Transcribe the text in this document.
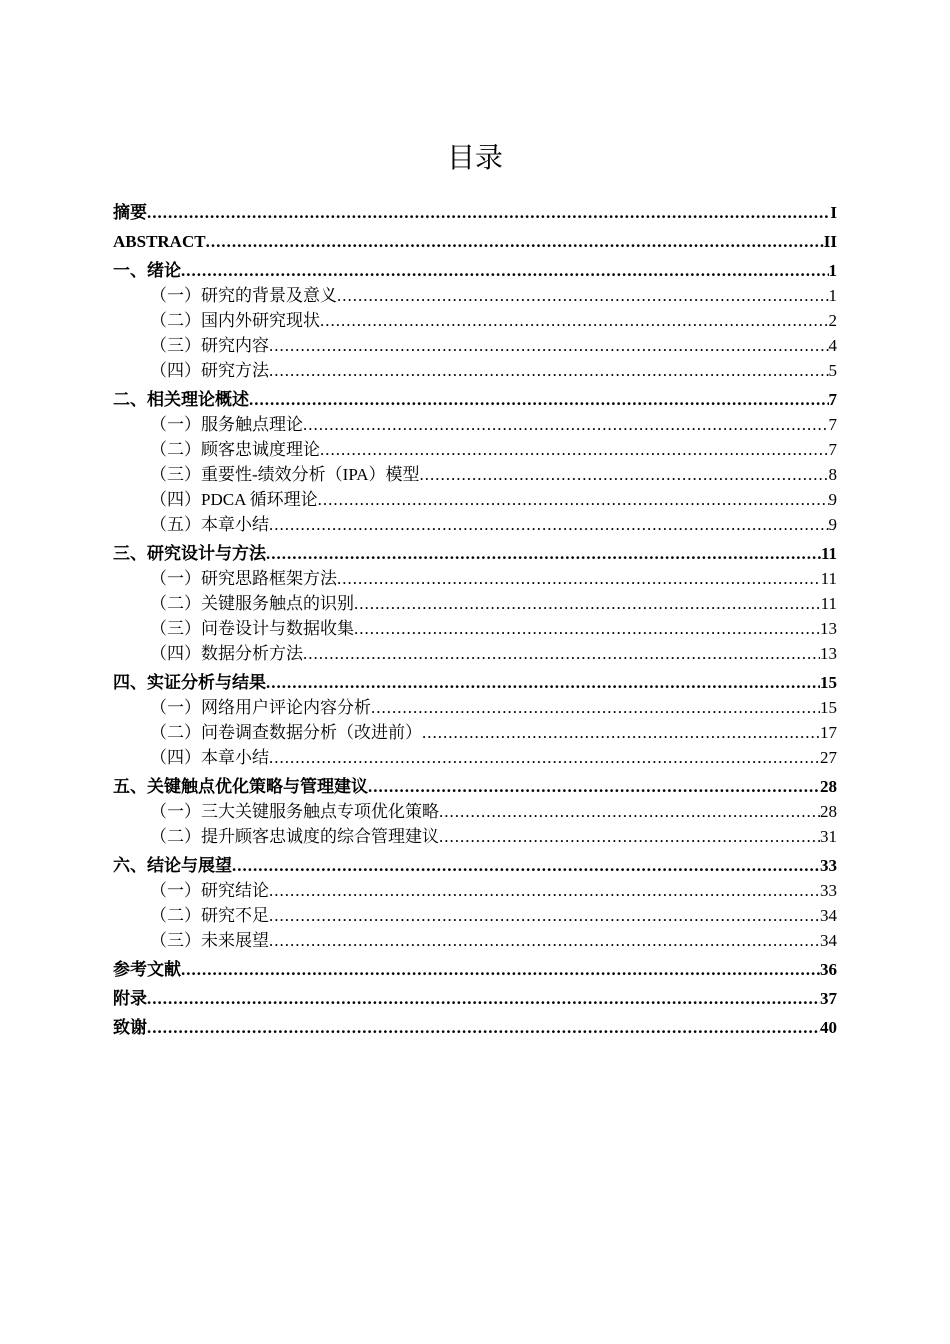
目录
摘要 .....	I
ABSTRACT .....	II
一、绪论 .....	1
（一）研究的背景及意义 .....	1
（二）国内外研究现状 .....	2
（三）研究内容 .....	4
（四）研究方法 .....	5
二、相关理论概述 .....	7
（一）服务触点理论 .....	7
（二）顾客忠诚度理论 .....	7
（三）重要性-绩效分析（IPA）模型 .....	8
（四）PDCA 循环理论 .....	9
（五）本章小结 .....	9
三、研究设计与方法 .....	11
（一）研究思路框架方法 .....	11
（二）关键服务触点的识别 .....	11
（三）问卷设计与数据收集 .....	13
（四）数据分析方法 .....	13
四、实证分析与结果 .....	15
（一）网络用户评论内容分析 .....	15
（二）问卷调查数据分析（改进前） .....	17
（四）本章小结 .....	27
五、关键触点优化策略与管理建议 .....	28
（一）三大关键服务触点专项优化策略 .....	28
（二）提升顾客忠诚度的综合管理建议 .....	31
六、结论与展望 .....	33
（一）研究结论 .....	33
（二）研究不足 .....	34
（三）未来展望 .....	34
参考文献 .....	36
附录 .....	37
致谢 .....	40
